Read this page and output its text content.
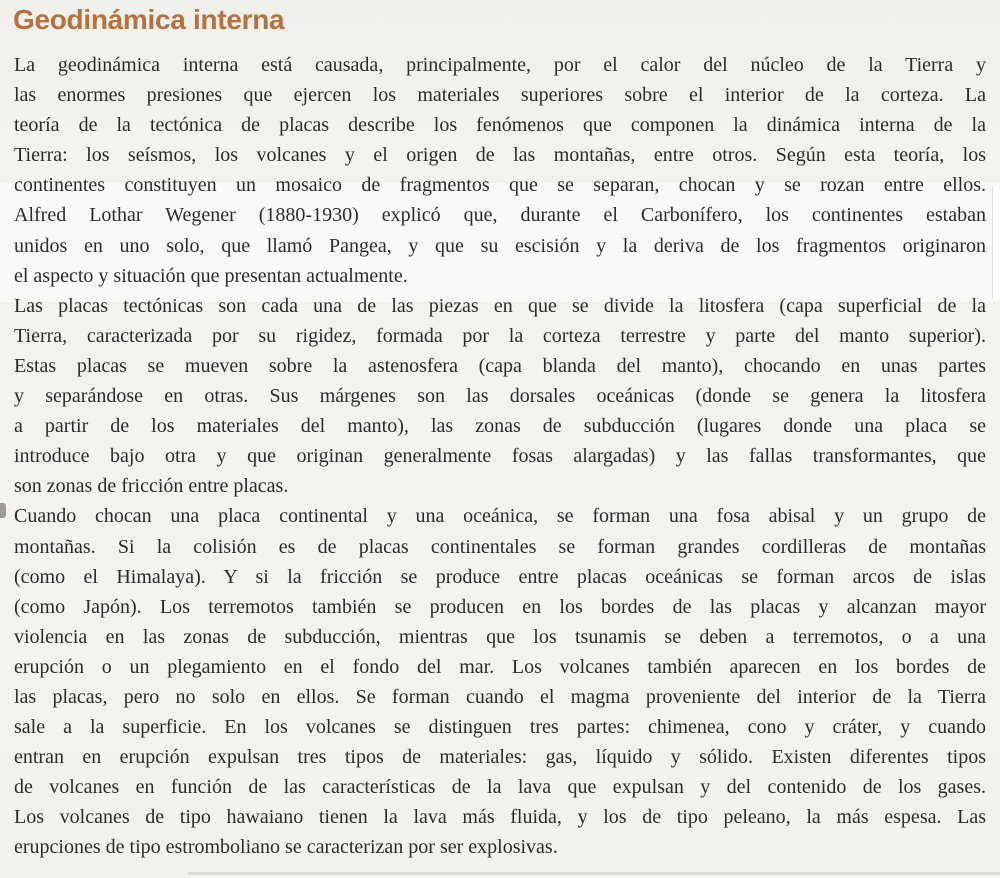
Geodinámica interna
La geodinámica interna está causada, principalmente, por el calor del núcleo de la Tierra y
las enormes presiones que ejercen los materiales superiores sobre el interior de la corteza. La
teoría de la tectónica de placas describe los fenómenos que componen la dinámica interna de la
Tierra: los seísmos, los volcanes y el origen de las montañas, entre otros. Según esta teoría, los
continentes constituyen un mosaico de fragmentos que se separan, chocan y se rozan entre ellos.
Alfred Lothar Wegener (1880-1930) explicó que, durante el Carbonífero, los continentes estaban
unidos en uno solo, que llamó Pangea, y que su escisión y la deriva de los fragmentos originaron
el aspecto y situación que presentan actualmente.
Las placas tectónicas son cada una de las piezas en que se divide la litosfera (capa superficial de la
Tierra, caracterizada por su rigidez, formada por la corteza terrestre y parte del manto superior).
Estas placas se mueven sobre la astenosfera (capa blanda del manto), chocando en unas partes
y separándose en otras. Sus márgenes son las dorsales oceánicas (donde se genera la litosfera
a partir de los materiales del manto), las zonas de subducción (lugares donde una placa se
introduce bajo otra y que originan generalmente fosas alargadas) y las fallas transformantes, que
son zonas de fricción entre placas.
Cuando chocan una placa continental y una oceánica, se forman una fosa abisal y un grupo de
montañas. Si la colisión es de placas continentales se forman grandes cordilleras de montañas
(como el Himalaya). Y si la fricción se produce entre placas oceánicas se forman arcos de islas
(como Japón). Los terremotos también se producen en los bordes de las placas y alcanzan mayor
violencia en las zonas de subducción, mientras que los tsunamis se deben a terremotos, o a una
erupción o un plegamiento en el fondo del mar. Los volcanes también aparecen en los bordes de
las placas, pero no solo en ellos. Se forman cuando el magma proveniente del interior de la Tierra
sale a la superficie. En los volcanes se distinguen tres partes: chimenea, cono y cráter, y cuando
entran en erupción expulsan tres tipos de materiales: gas, líquido y sólido. Existen diferentes tipos
de volcanes en función de las características de la lava que expulsan y del contenido de los gases.
Los volcanes de tipo hawaiano tienen la lava más fluida, y los de tipo peleano, la más espesa. Las
erupciones de tipo estromboliano se caracterizan por ser explosivas.
